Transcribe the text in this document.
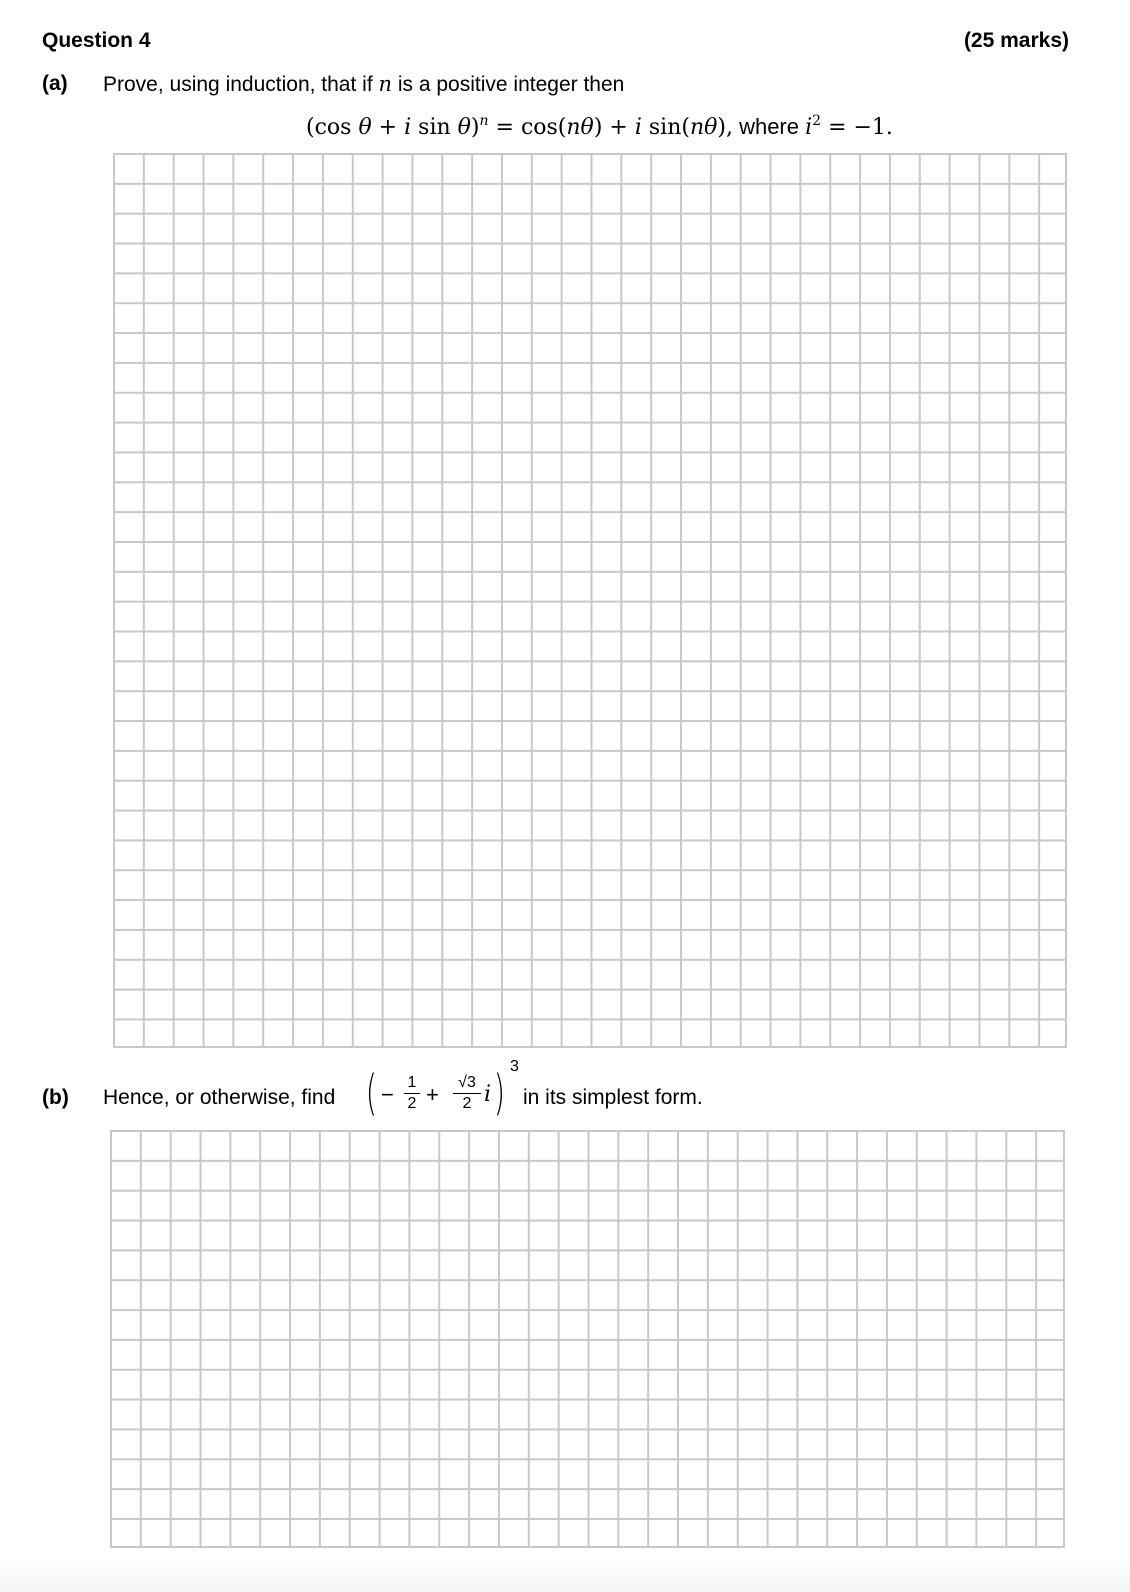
Question 4	(25 marks)
(a) Prove, using induction, that if n is a positive integer then
(cos θ + i sin θ)$^n$ = cos(nθ) + i sin(nθ), where $i^2 = -1$.
(b) Hence, or otherwise, find ( − 1
2 +	√3
2 i ) 3
in its simplest form.
